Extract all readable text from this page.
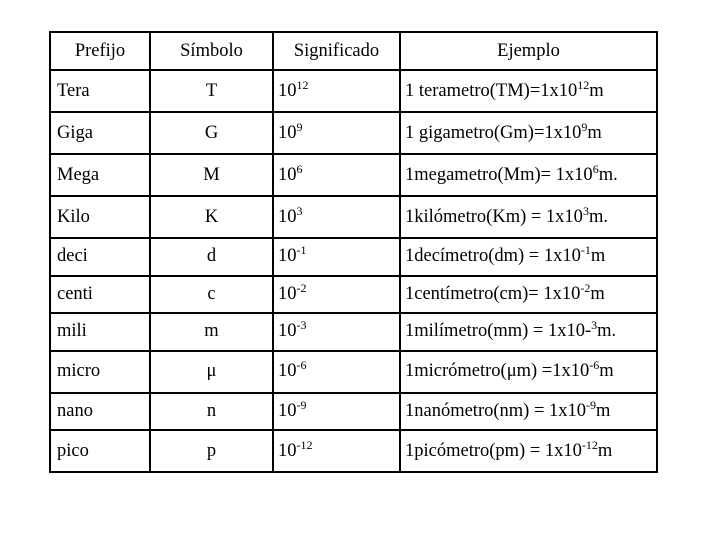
Prefijo	Símbolo	Significado	Ejemplo
Tera	T	$10^{12}$	1 $terametro(TM)=1x10^{12}m$
Giga	G	$10^9$	1 $gigametro(Gm)=1x10^9m$
Mega	M	$10^6$	1megametro(Mm)= $1x10^6m$.
Kilo	K	$10^3$	1kilómetro(Km) = $1x10^3m$.
deci	d	$10^{-1}$	1decímetro(dm) = $1x10^{-1}m$
centi	c	$10^{-2}$	1centímetro(cm)= $1x10^{-2}m$
mili	m	$10^{-3}$	1milímetro(mm) = 1x10-$^3$m.
micro	μ	$10^{-6}$	1micrómetro(μm) $=1x10^{-6}m$
nano	n	$10^{-9}$	1nanómetro(nm) = $1x10^{-9}m$
pico	p	$10^{-12}$	1picómetro(pm) = $1x10^{-12}m$
